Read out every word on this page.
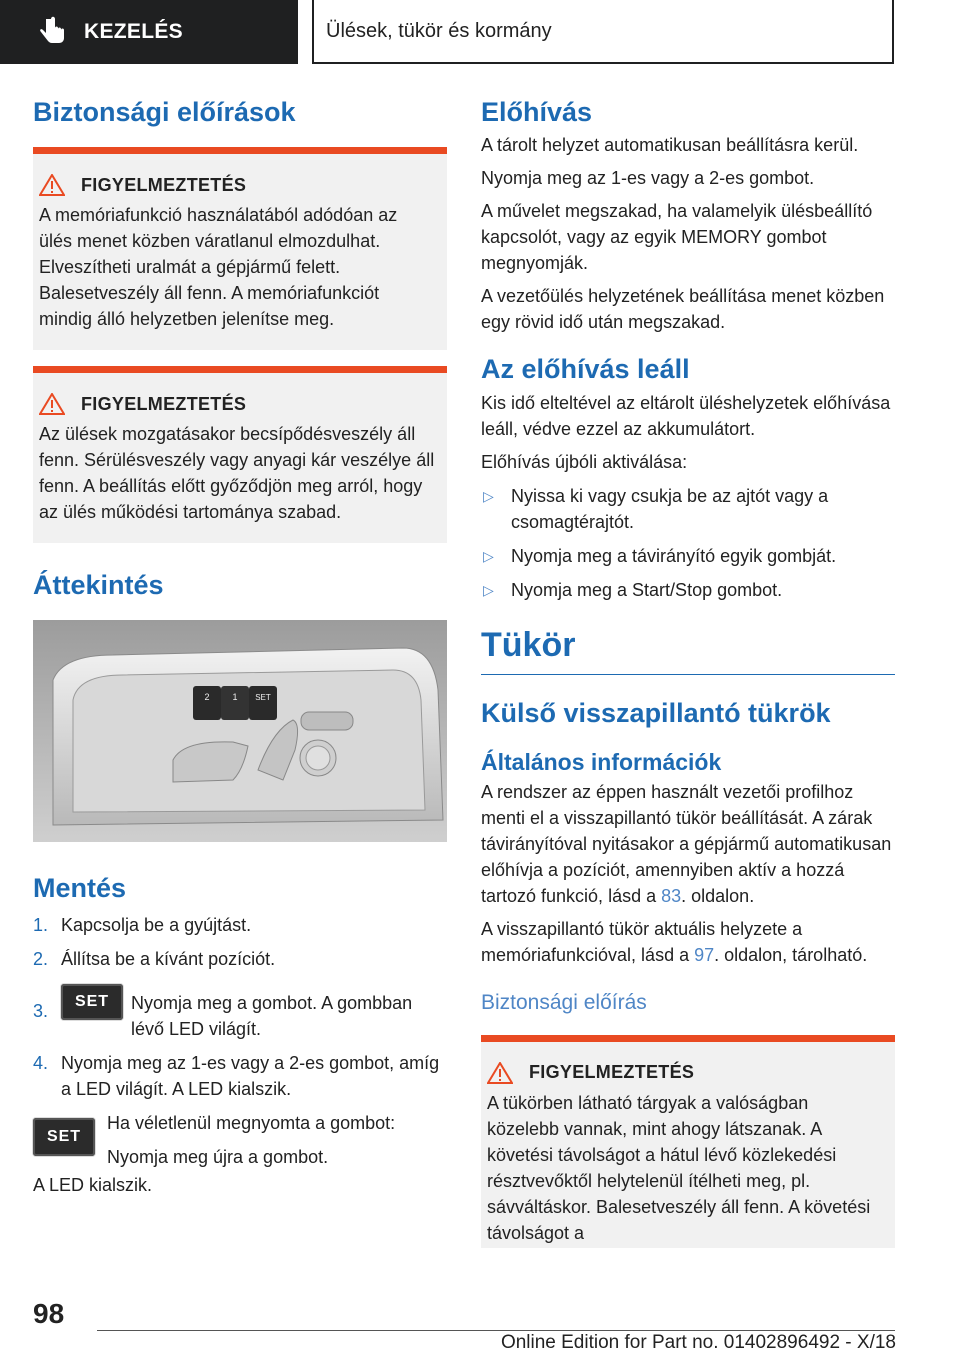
KEZELÉS	Ülések, tükör és kormány
Biztonsági előírások
FIGYELMEZTETÉS

A memóriafunkció használatából adódóan az ülés menet közben váratlanul elmozdulhat. Elveszítheti uralmát a gépjármű felett. Balesetveszély áll fenn. A memóriafunkciót mindig álló helyzetben jelenítse meg.

FIGYELMEZTETÉS

Az ülések mozgatásakor becsípődésveszély áll fenn. Sérülésveszély vagy anyagi kár veszélye áll fenn. A beállítás előtt győződjön meg arról, hogy az ülés működési tartománya szabad.

Áttekintés
2	1 SET
Mentés
1. Kapcsolja be a gyújtást.
2. Állítsa be a kívánt pozíciót.
3.	SET	Nyomja meg a gombot. A gombban lévő LED világít.
4. Nyomja meg az 1-es vagy a 2-es gombot, amíg a LED világít. A LED kialszik.
SET

Ha véletlenül megnyomta a gombot:

Nyomja meg újra a gombot.

A LED kialszik.

Előhívás

A tárolt helyzet automatikusan beállításra kerül.

Nyomja meg az 1-es vagy a 2-es gombot.

A művelet megszakad, ha valamelyik ülésbeállító kapcsolót, vagy az egyik MEMORY gombot megnyomják.

A vezetőülés helyzetének beállítása menet közben egy rövid idő után megszakad.

Az előhívás leáll

Kis idő elteltével az eltárolt üléshelyzetek előhívása leáll, védve ezzel az akkumulátort.

Előhívás újbóli aktiválása:

▷ Nyissa ki vagy csukja be az ajtót vagy a csomagtérajtót.
▷ Nyomja meg a távirányító egyik gombját.
▷ Nyomja meg a Start/Stop gombot.
Tükör
Külső visszapillantó tükrök
Általános információk

A rendszer az éppen használt vezetői profilhoz menti el a visszapillantó tükör beállítását. A zárak távirányítóval nyitásakor a gépjármű automatikusan előhívja a pozíciót, amennyiben aktív a hozzá tartozó funkció, lásd a 83. oldalon.

A visszapillantó tükör aktuális helyzete a memóriafunkcióval, lásd a 97. oldalon, tárolható.

Biztonsági előírás
FIGYELMEZTETÉS

A tükörben látható tárgyak a valóságban közelebb vannak, mint ahogy látszanak. A követési távolságot a hátul lévő közlekedési résztvevőktől helytelenül ítélheti meg, pl. sávváltáskor. Balesetveszély áll fenn. A követési távolságot a

98
Online Edition for Part no. 01402896492 - X/18
